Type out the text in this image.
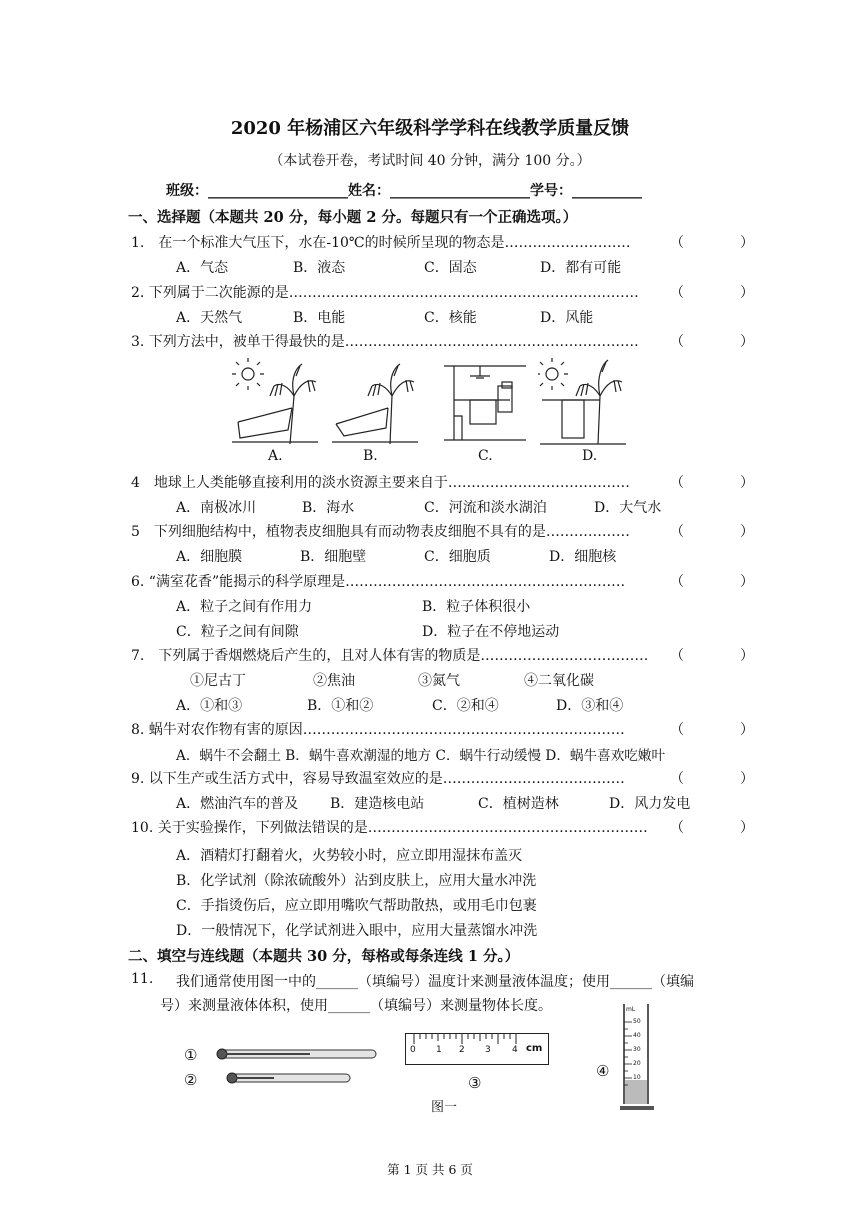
2020 年杨浦区六年级科学学科在线教学质量反馈
（本试卷开卷，考试时间 40 分钟，满分 100 分。）
班级：____________________姓名：____________________学号：__________
一、选择题（本题共 20 分，每小题 2 分。每题只有一个正确选项。）
1.　在一个标准大气压下，水在-10℃的时候所呈现的物态是………………………	（　　　　）
A．气态	B．液态	C．固态	D．都有可能
2. 下列属于二次能源的是………………………………………………………………… （　　　　）
A．天然气	B．电能	C．核能	D．风能
3. 下列方法中，被单干得最快的是……………………………………………………… （　　　　）
A.	B.	C.	D.
4　地球上人类能够直接利用的淡水资源主要来自于…………………………………	（　　　　）
A．南极冰川	B．海水	C．河流和淡水湖泊	D．大气水
5　下列细胞结构中，植物表皮细胞具有而动物表皮细胞不具有的是………………	（　　　　）
A．细胞膜	B．细胞壁	C．细胞质	D．细胞核
6. “满室花香”能揭示的科学原理是……………………………………………………	（　　　　）
A．粒子之间有作用力	B．粒子体积很小
C．粒子之间有间隙	D．粒子在不停地运动
7.　下列属于香烟燃烧后产生的，且对人体有害的物质是……………………………… （　　　　）
①尼古丁	②焦油	③氮气	④二氧化碳
A．①和③	B．①和②	C．②和④	D．③和④
8. 蜗牛对农作物有害的原因……………………………………………………………	（　　　　）
A．蜗牛不会翻土 B．蜗牛喜欢潮湿的地方 C．蜗牛行动缓慢 D．蜗牛喜欢吃嫩叶
9. 以下生产或生活方式中，容易导致温室效应的是…………………………………	（　　　　）
A．燃油汽车的普及 B．建造核电站	C．植树造林	D．风力发电
10. 关于实验操作，下列做法错误的是…………………………………………………… （　　　　）
A．酒精灯打翻着火，火势较小时，应立即用湿抹布盖灭
B．化学试剂（除浓硫酸外）沾到皮肤上，应用大量水冲洗
C．手指烫伤后，应立即用嘴吹气帮助散热，或用毛巾包裹
D．一般情况下，化学试剂进入眼中，应用大量蒸馏水冲洗
二、填空与连线题（本题共 30 分，每格或每条连线 1 分。）
11. 我们通常使用图一中的______（填编号）温度计来测量液体温度；使用______（填编
号）来测量液体体积，使用______（填编号）来测量物体长度。
①
②	③
④
0 1 2 3 4 cm
mL
50
40
30
20
10
图一
第 1 页 共 6 页
